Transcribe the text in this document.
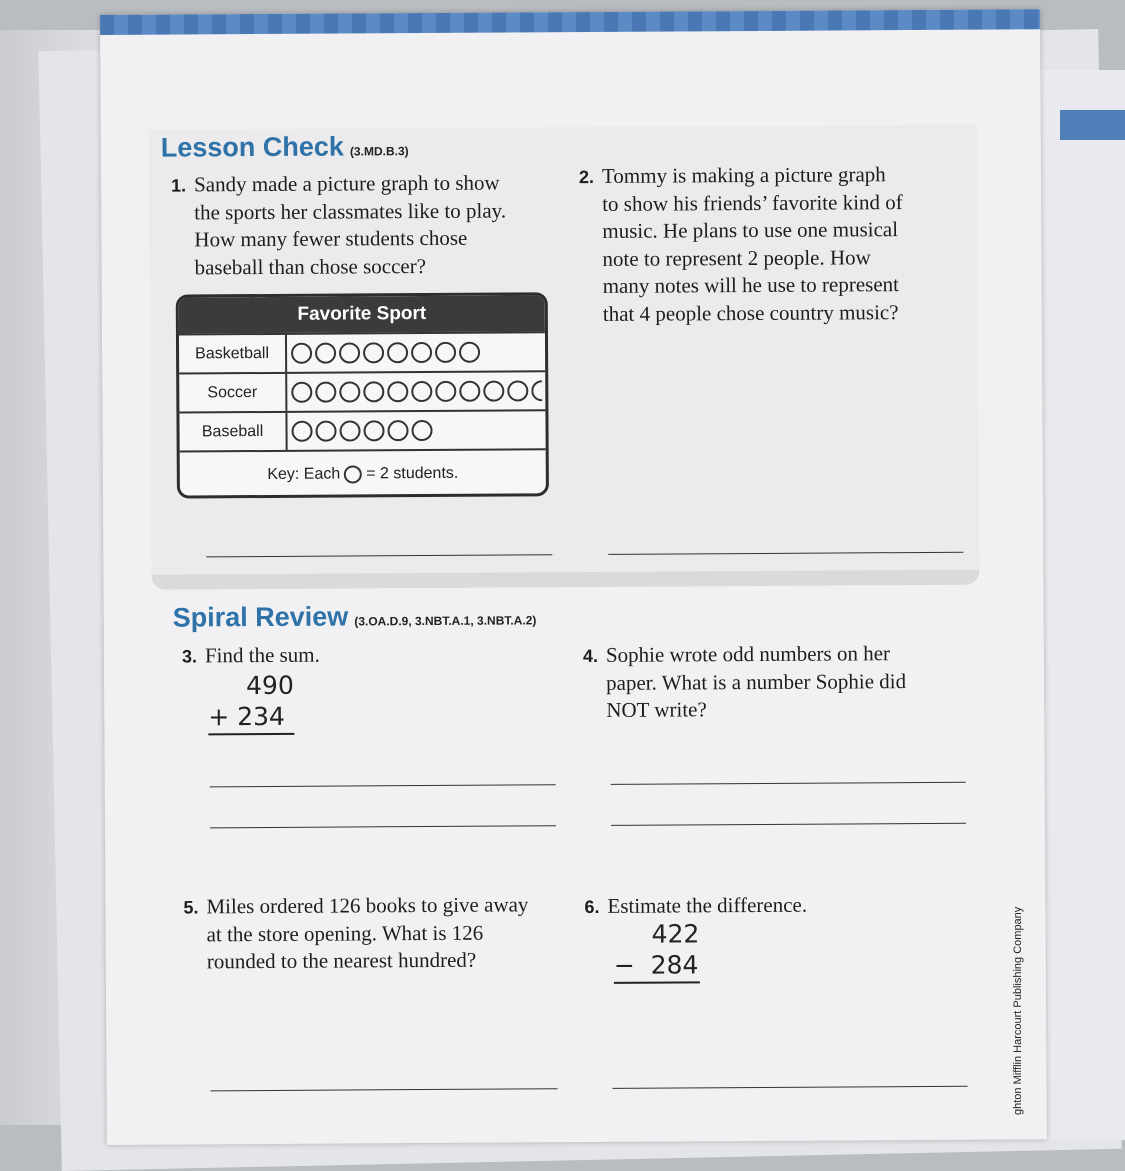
Lesson Check (3.MD.B.3)
1. Sandy made a picture graph to show
the sports her classmates like to play.
How many fewer students chose
baseball than chose soccer?
2. Tommy is making a picture graph
to show his friends’ favorite kind of
music. He plans to use one musical
note to represent 2 people. How
many notes will he use to represent
that 4 people chose country music?
Favorite Sport
Basketball
Soccer
Baseball
Key: Each = 2 students.
Spiral Review (3.OA.D.9, 3.NBT.A.1, 3.NBT.A.2)
3. Find the sum.
490
+ 234
4. Sophie wrote odd numbers on her
paper. What is a number Sophie did
NOT write?
5. Miles ordered 126 books to give away
at the store opening. What is 126
rounded to the nearest hundred?
6. Estimate the difference.
422
−  284	ghton Mifflin Harcourt Publishing Company
